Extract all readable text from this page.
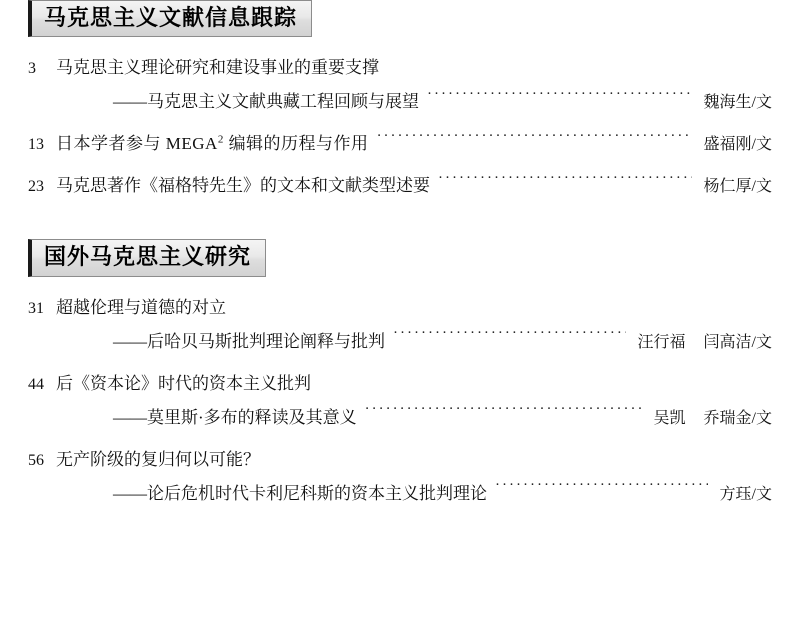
马克思主义文献信息跟踪
3	马克思主义理论研究和建设事业的重要支撑
——马克思主义文献典藏工程回顾与展望 ·····	魏海生/文
13 日本学者参与 MEGA$^2$ 编辑的历程与作用 ·····	盛福刚/文
23 马克思著作《福格特先生》的文本和文献类型述要 ·····	杨仁厚/文
国外马克思主义研究
31 超越伦理与道德的对立
——后哈贝马斯批判理论阐释与批判 ·····	汪行福 闫高洁/文
44 后《资本论》时代的资本主义批判
——莫里斯·多布的释读及其意义 ·····	吴凯 乔瑞金/文
56 无产阶级的复归何以可能？
——论后危机时代卡利尼科斯的资本主义批判理论 ·····	方珏/文
